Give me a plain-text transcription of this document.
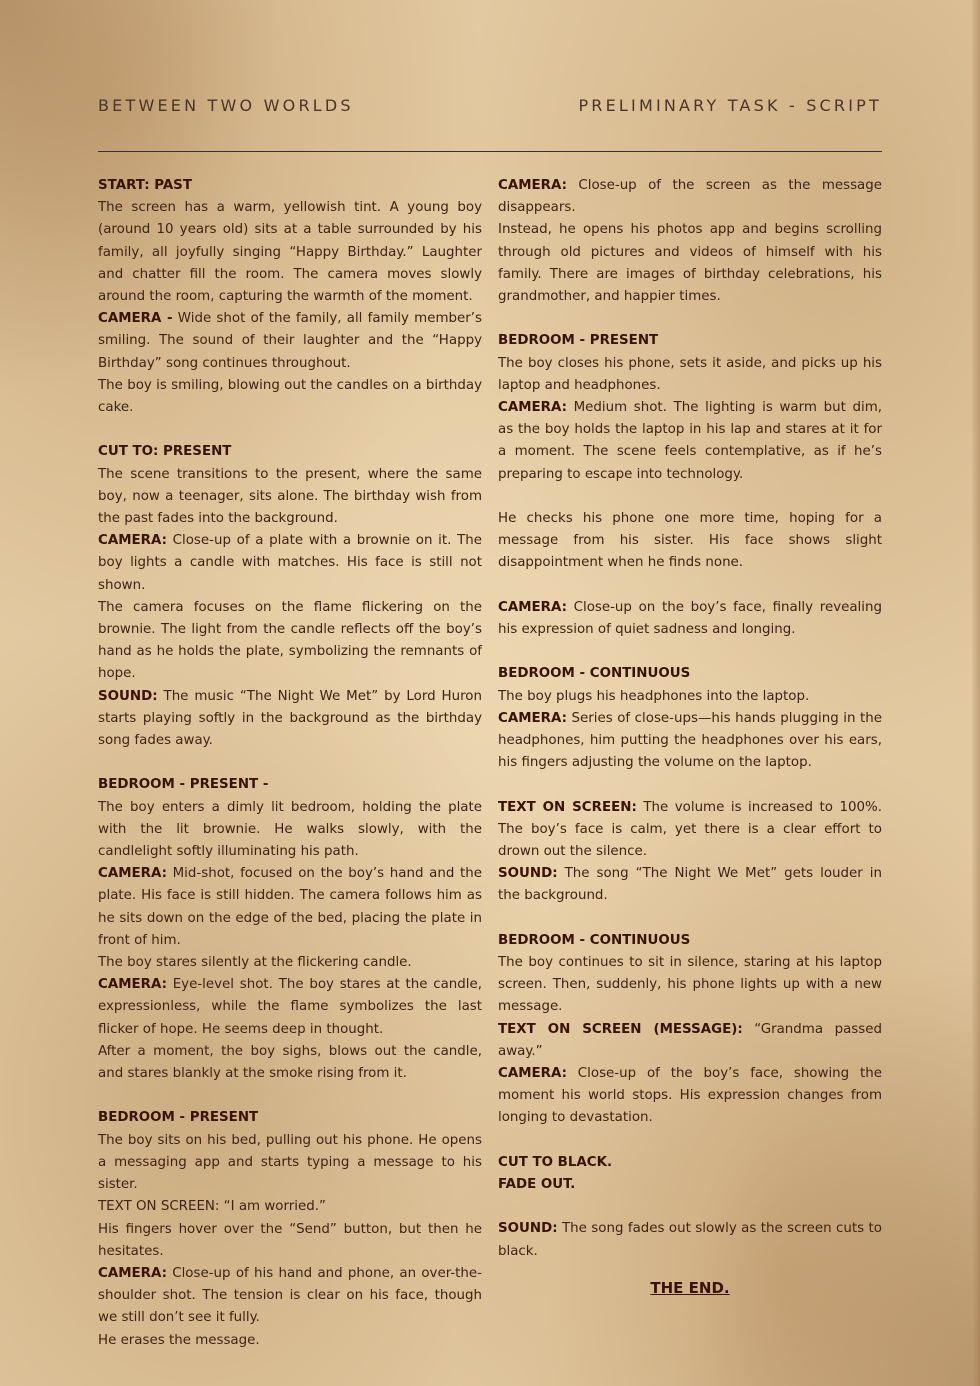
BETWEEN TWO WORLDS	PRELIMINARY TASK - SCRIPT

START: PAST

The screen has a warm, yellowish tint. A young boy (around 10 years old) sits at a table surrounded by his family, all joyfully singing “Happy Birthday.” Laughter and chatter fill the room. The camera moves slowly around the room, capturing the warmth of the moment.

CAMERA - Wide shot of the family, all family member’s smiling. The sound of their laughter and the “Happy Birthday” song continues throughout.

The boy is smiling, blowing out the candles on a birthday cake.

CUT TO: PRESENT

The scene transitions to the present, where the same boy, now a teenager, sits alone. The birthday wish from the past fades into the background.

CAMERA: Close-up of a plate with a brownie on it. The boy lights a candle with matches. His face is still not shown.

The camera focuses on the flame flickering on the brownie. The light from the candle reflects off the boy’s hand as he holds the plate, symbolizing the remnants of hope.

SOUND: The music “The Night We Met” by Lord Huron starts playing softly in the background as the birthday song fades away.

BEDROOM - PRESENT -

The boy enters a dimly lit bedroom, holding the plate with the lit brownie. He walks slowly, with the candlelight softly illuminating his path.

CAMERA: Mid-shot, focused on the boy’s hand and the plate. His face is still hidden. The camera follows him as he sits down on the edge of the bed, placing the plate in front of him.

The boy stares silently at the flickering candle.

CAMERA: Eye-level shot. The boy stares at the candle, expressionless, while the flame symbolizes the last flicker of hope. He seems deep in thought.

After a moment, the boy sighs, blows out the candle, and stares blankly at the smoke rising from it.

BEDROOM - PRESENT

The boy sits on his bed, pulling out his phone. He opens a messaging app and starts typing a message to his sister.

TEXT ON SCREEN: “I am worried.”

His fingers hover over the “Send” button, but then he hesitates.

CAMERA: Close-up of his hand and phone, an over-the-shoulder shot. The tension is clear on his face, though we still don’t see it fully.

He erases the message.

CAMERA: Close-up of the screen as the message disappears.

Instead, he opens his photos app and begins scrolling through old pictures and videos of himself with his family. There are images of birthday celebrations, his grandmother, and happier times.

BEDROOM - PRESENT

The boy closes his phone, sets it aside, and picks up his laptop and headphones.

CAMERA: Medium shot. The lighting is warm but dim, as the boy holds the laptop in his lap and stares at it for a moment. The scene feels contemplative, as if he’s preparing to escape into technology.

He checks his phone one more time, hoping for a message from his sister. His face shows slight disappointment when he finds none.

CAMERA: Close-up on the boy’s face, finally revealing his expression of quiet sadness and longing.

BEDROOM - CONTINUOUS

The boy plugs his headphones into the laptop.

CAMERA: Series of close-ups—his hands plugging in the headphones, him putting the headphones over his ears, his fingers adjusting the volume on the laptop.

TEXT ON SCREEN: The volume is increased to 100%. The boy’s face is calm, yet there is a clear effort to drown out the silence.

SOUND: The song “The Night We Met” gets louder in the background.

BEDROOM - CONTINUOUS

The boy continues to sit in silence, staring at his laptop screen. Then, suddenly, his phone lights up with a new message.

TEXT ON SCREEN (MESSAGE): “Grandma passed away.”

CAMERA: Close-up of the boy’s face, showing the moment his world stops. His expression changes from longing to devastation.

CUT TO BLACK.

FADE OUT.

SOUND: The song fades out slowly as the screen cuts to black.

THE END.
